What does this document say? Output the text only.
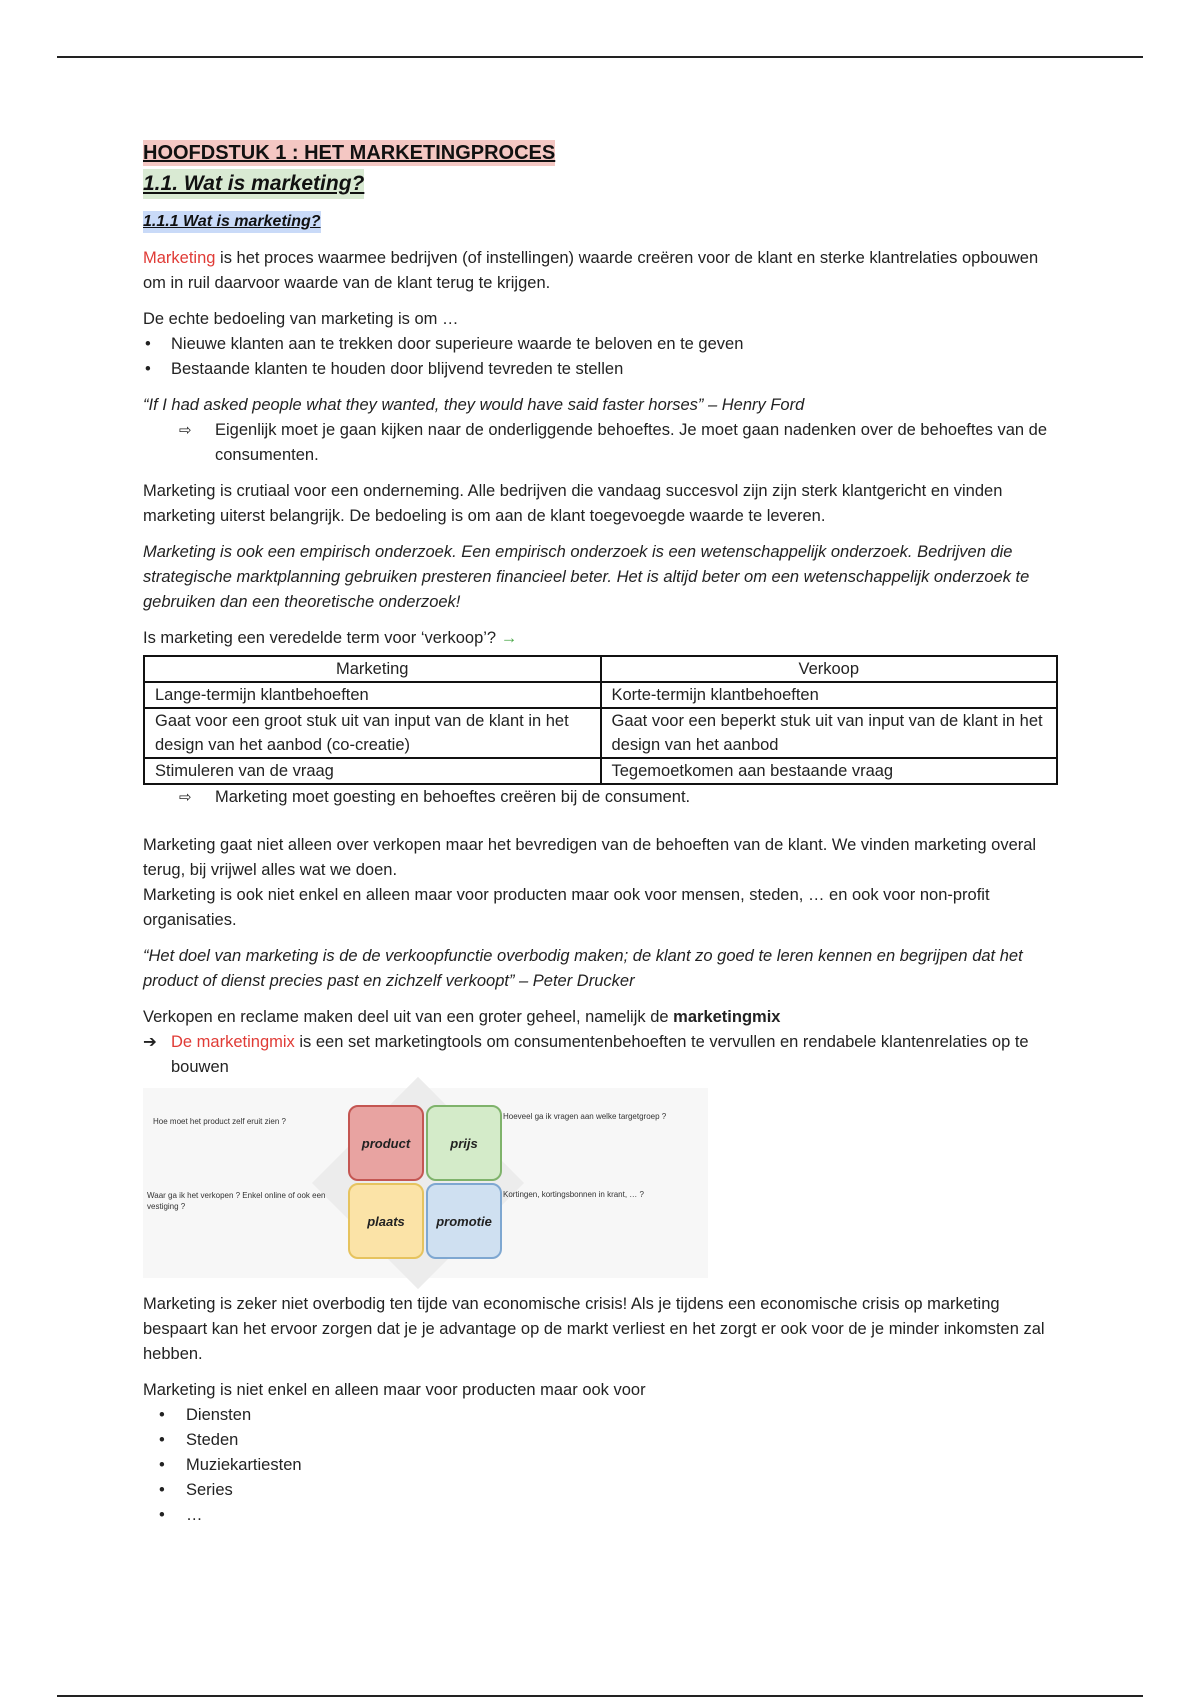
HOOFDSTUK 1 : HET MARKETINGPROCES
1.1. Wat is marketing?
1.1.1 Wat is marketing?

Marketing is het proces waarmee bedrijven (of instellingen) waarde creëren voor de klant en sterke klantrelaties opbouwen om in ruil daarvoor waarde van de klant terug te krijgen.

De echte bedoeling van marketing is om …

• Nieuwe klanten aan te trekken door superieure waarde te beloven en te geven
• Bestaande klanten te houden door blijvend tevreden te stellen

“If I had asked people what they wanted, they would have said faster horses” – Henry Ford

⇨ Eigenlijk moet je gaan kijken naar de onderliggende behoeftes. Je moet gaan nadenken over de behoeftes van de consumenten.

Marketing is crutiaal voor een onderneming. Alle bedrijven die vandaag succesvol zijn zijn sterk klantgericht en vinden marketing uiterst belangrijk. De bedoeling is om aan de klant toegevoegde waarde te leveren.

Marketing is ook een empirisch onderzoek. Een empirisch onderzoek is een wetenschappelijk onderzoek. Bedrijven die strategische marktplanning gebruiken presteren financieel beter. Het is altijd beter om een wetenschappelijk onderzoek te gebruiken dan een theoretische onderzoek!

Is marketing een veredelde term voor ‘verkoop’? →

Marketing	Verkoop
Lange-termijn klantbehoeften	Korte-termijn klantbehoeften
Gaat voor een groot stuk uit van input van de klant in het design van het aanbod (co-creatie)	Gaat voor een beperkt stuk uit van input van de klant in het design van het aanbod
Stimuleren van de vraag	Tegemoetkomen aan bestaande vraag

⇨ Marketing moet goesting en behoeftes creëren bij de consument.

Marketing gaat niet alleen over verkopen maar het bevredigen van de behoeften van de klant. We vinden marketing overal terug, bij vrijwel alles wat we doen.

Marketing is ook niet enkel en alleen maar voor producten maar ook voor mensen, steden, … en ook voor non-profit organisaties.

“Het doel van marketing is de de verkoopfunctie overbodig maken; de klant zo goed te leren kennen en begrijpen dat het product of dienst precies past en zichzelf verkoopt” – Peter Drucker

Verkopen en reclame maken deel uit van een groter geheel, namelijk de marketingmix

➔ De marketingmix is een set marketingtools om consumentenbehoeften te vervullen en rendabele klantenrelaties op te bouwen

Hoe moet het product zelf eruit zien ?
Hoeveel ga ik vragen aan welke targetgroep ?
Waar ga ik het verkopen ? Enkel online of ook een vestiging ?
Kortingen, kortingsbonnen in krant, … ?
product	prijs
plaats	promotie

Marketing is zeker niet overbodig ten tijde van economische crisis! Als je tijdens een economische crisis op marketing bespaart kan het ervoor zorgen dat je je advantage op de markt verliest en het zorgt er ook voor de je minder inkomsten zal hebben.

Marketing is niet enkel en alleen maar voor producten maar ook voor

• Diensten
• Steden
• Muziekartiesten
• Series
• …
